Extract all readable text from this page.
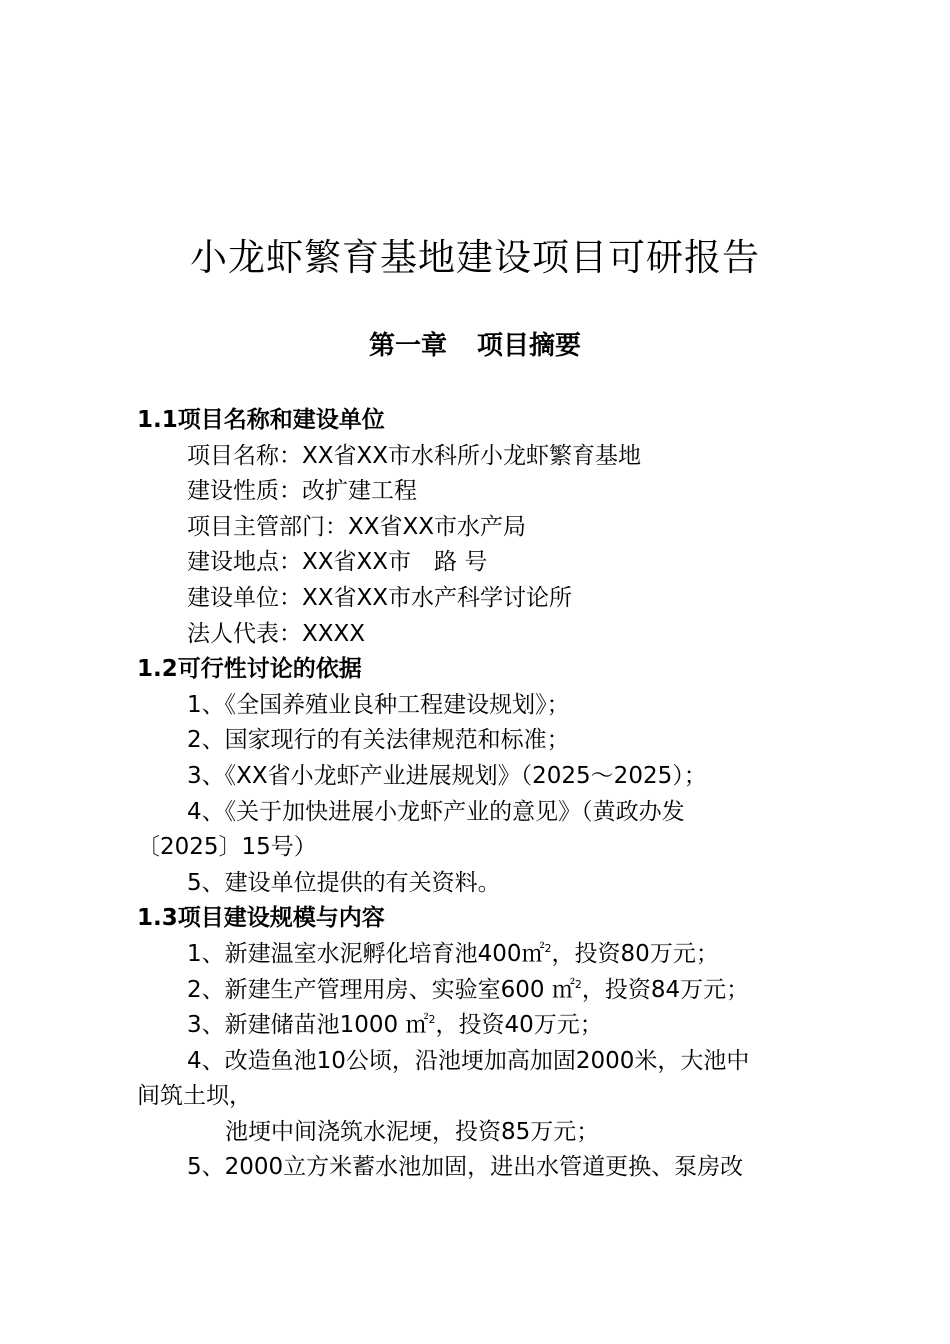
小龙虾繁育基地建设项目可研报告
第一章 项目摘要
1.1项目名称和建设单位
项目名称：XX省XX市水科所小龙虾繁育基地
建设性质：改扩建工程
项目主管部门：XX省XX市水产局
建设地点：XX省XX市　路 号
建设单位：XX省XX市水产科学讨论所
法人代表：XXXX
1.2可行性讨论的依据
1、《全国养殖业良种工程建设规划》；
2、国家现行的有关法律规范和标准；
3、《XX省小龙虾产业进展规划》（2025～2025）；
4、《关于加快进展小龙虾产业的意见》（黄政办发
〔2025〕15号）
5、建设单位提供的有关资料。
1.3项目建设规模与内容
1、新建温室水泥孵化培育池400㎡$^2$，投资80万元；
2、新建生产管理用房、实验室600 ㎡$^2$，投资84万元；
3、新建储苗池1000 ㎡$^2$，投资40万元；
4、改造鱼池10公顷，沿池埂加高加固2000米，大池中
间筑土坝，
池埂中间浇筑水泥埂，投资85万元；
5、2000立方米蓄水池加固，进出水管道更换、泵房改
